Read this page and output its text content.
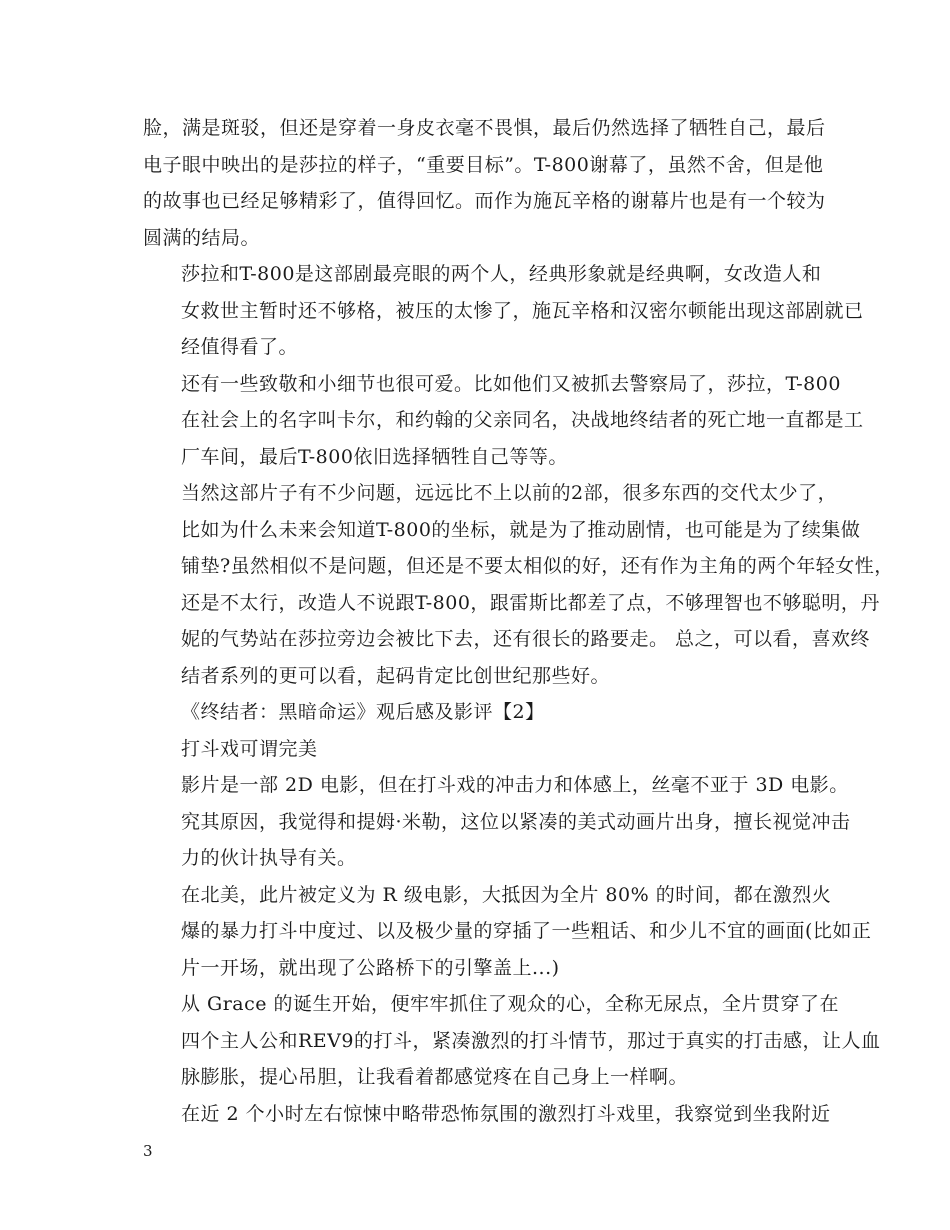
脸，满是斑驳，但还是穿着一身皮衣毫不畏惧，最后仍然选择了牺牲自己，最后
电子眼中映出的是莎拉的样子，“重要目标”。T-800谢幕了，虽然不舍，但是他
的故事也已经足够精彩了，值得回忆。而作为施瓦辛格的谢幕片也是有一个较为
圆满的结局。

莎拉和T-800是这部剧最亮眼的两个人，经典形象就是经典啊，女改造人和
女救世主暂时还不够格，被压的太惨了，施瓦辛格和汉密尔顿能出现这部剧就已
经值得看了。

还有一些致敬和小细节也很可爱。比如他们又被抓去警察局了，莎拉，T-800
在社会上的名字叫卡尔，和约翰的父亲同名，决战地终结者的死亡地一直都是工
厂车间，最后T-800依旧选择牺牲自己等等。

当然这部片子有不少问题，远远比不上以前的2部，很多东西的交代太少了，
比如为什么未来会知道T-800的坐标，就是为了推动剧情，也可能是为了续集做
铺垫?虽然相似不是问题，但还是不要太相似的好，还有作为主角的两个年轻女性，
还是不太行，改造人不说跟T-800，跟雷斯比都差了点，不够理智也不够聪明，丹
妮的气势站在莎拉旁边会被比下去，还有很长的路要走。 总之，可以看，喜欢终
结者系列的更可以看，起码肯定比创世纪那些好。

《终结者：黑暗命运》观后感及影评【2】

打斗戏可谓完美

影片是一部 2D 电影，但在打斗戏的冲击力和体感上，丝毫不亚于 3D 电影。
究其原因，我觉得和提姆·米勒，这位以紧凑的美式动画片出身，擅长视觉冲击
力的伙计执导有关。

在北美，此片被定义为 R 级电影，大抵因为全片 80% 的时间，都在激烈火
爆的暴力打斗中度过、以及极少量的穿插了一些粗话、和少儿不宜的画面(比如正
片一开场，就出现了公路桥下的引擎盖上...)

从 Grace 的诞生开始，便牢牢抓住了观众的心，全称无尿点，全片贯穿了在
四个主人公和REV9的打斗，紧凑激烈的打斗情节，那过于真实的打击感，让人血
脉膨胀，提心吊胆，让我看着都感觉疼在自己身上一样啊。

在近 2 个小时左右惊悚中略带恐怖氛围的激烈打斗戏里，我察觉到坐我附近

3
